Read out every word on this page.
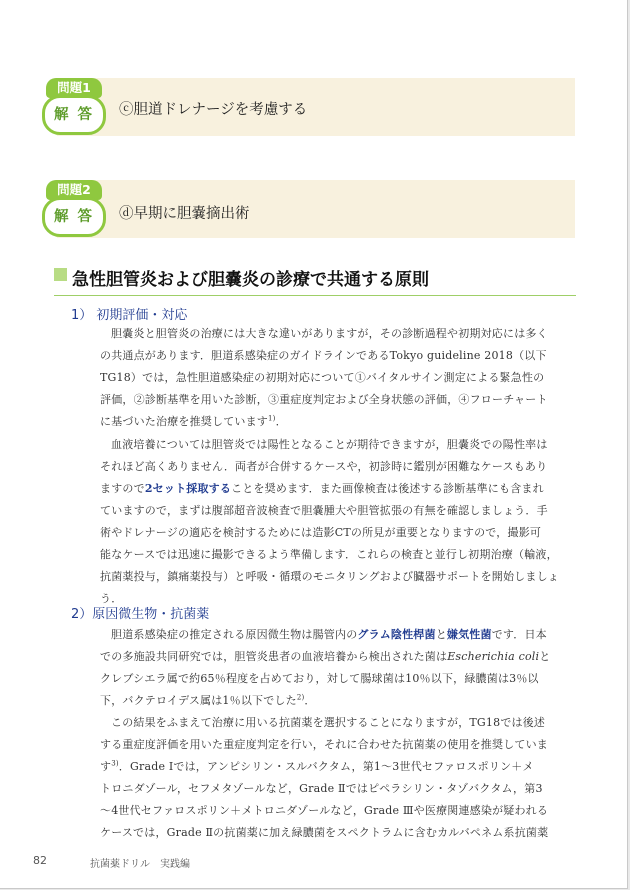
問題1
解 答	ⓒ胆道ドレナージを考慮する
問題2
解 答	ⓓ早期に胆嚢摘出術
急性胆管炎および胆嚢炎の診療で共通する原則
1） 初期評価・対応
胆嚢炎と胆管炎の治療には大きな違いがありますが，その診断過程や初期対応には多く
の共通点があります．胆道系感染症のガイドラインであるTokyo guideline 2018（以下
TG18）では，急性胆道感染症の初期対応について①バイタルサイン測定による緊急性の
評価，②診断基準を用いた診断，③重症度判定および全身状態の評価，④フローチャート
に基づいた治療を推奨しています$^{1)}$．
血液培養については胆管炎では陽性となることが期待できますが，胆嚢炎での陽性率は
それほど高くありません．両者が合併するケースや，初診時に鑑別が困難なケースもあり
ますので2セット採取することを奨めます．また画像検査は後述する診断基準にも含まれ
ていますので，まずは腹部超音波検査で胆嚢腫大や胆管拡張の有無を確認しましょう．手
術やドレナージの適応を検討するためには造影CTの所見が重要となりますので，撮影可
能なケースでは迅速に撮影できるよう準備します．これらの検査と並行し初期治療（輸液，
抗菌薬投与，鎮痛薬投与）と呼吸・循環のモニタリングおよび臓器サポートを開始しましょ
う．
2）原因微生物・抗菌薬
胆道系感染症の推定される原因微生物は腸管内のグラム陰性桿菌と嫌気性菌です．日本
での多施設共同研究では，胆管炎患者の血液培養から検出された菌はEscherichia coliと
クレブシエラ属で約65％程度を占めており，対して腸球菌は10％以下，緑膿菌は3％以
下，バクテロイデス属は1％以下でした$^{2)}$．
この結果をふまえて治療に用いる抗菌薬を選択することになりますが，TG18では後述
する重症度評価を用いた重症度判定を行い，それに合わせた抗菌薬の使用を推奨していま
す$^{3)}$．Grade Ⅰでは，アンピシリン・スルバクタム，第1～3世代セファロスポリン＋メ
トロニダゾール，セフメタゾールなど，Grade Ⅱではピペラシリン・タゾバクタム，第3
～4世代セファロスポリン＋メトロニダゾールなど，Grade Ⅲや医療関連感染が疑われる
ケースでは，Grade Ⅱの抗菌薬に加え緑膿菌をスペクトラムに含むカルバペネム系抗菌薬
82	抗菌薬ドリル　実践編
